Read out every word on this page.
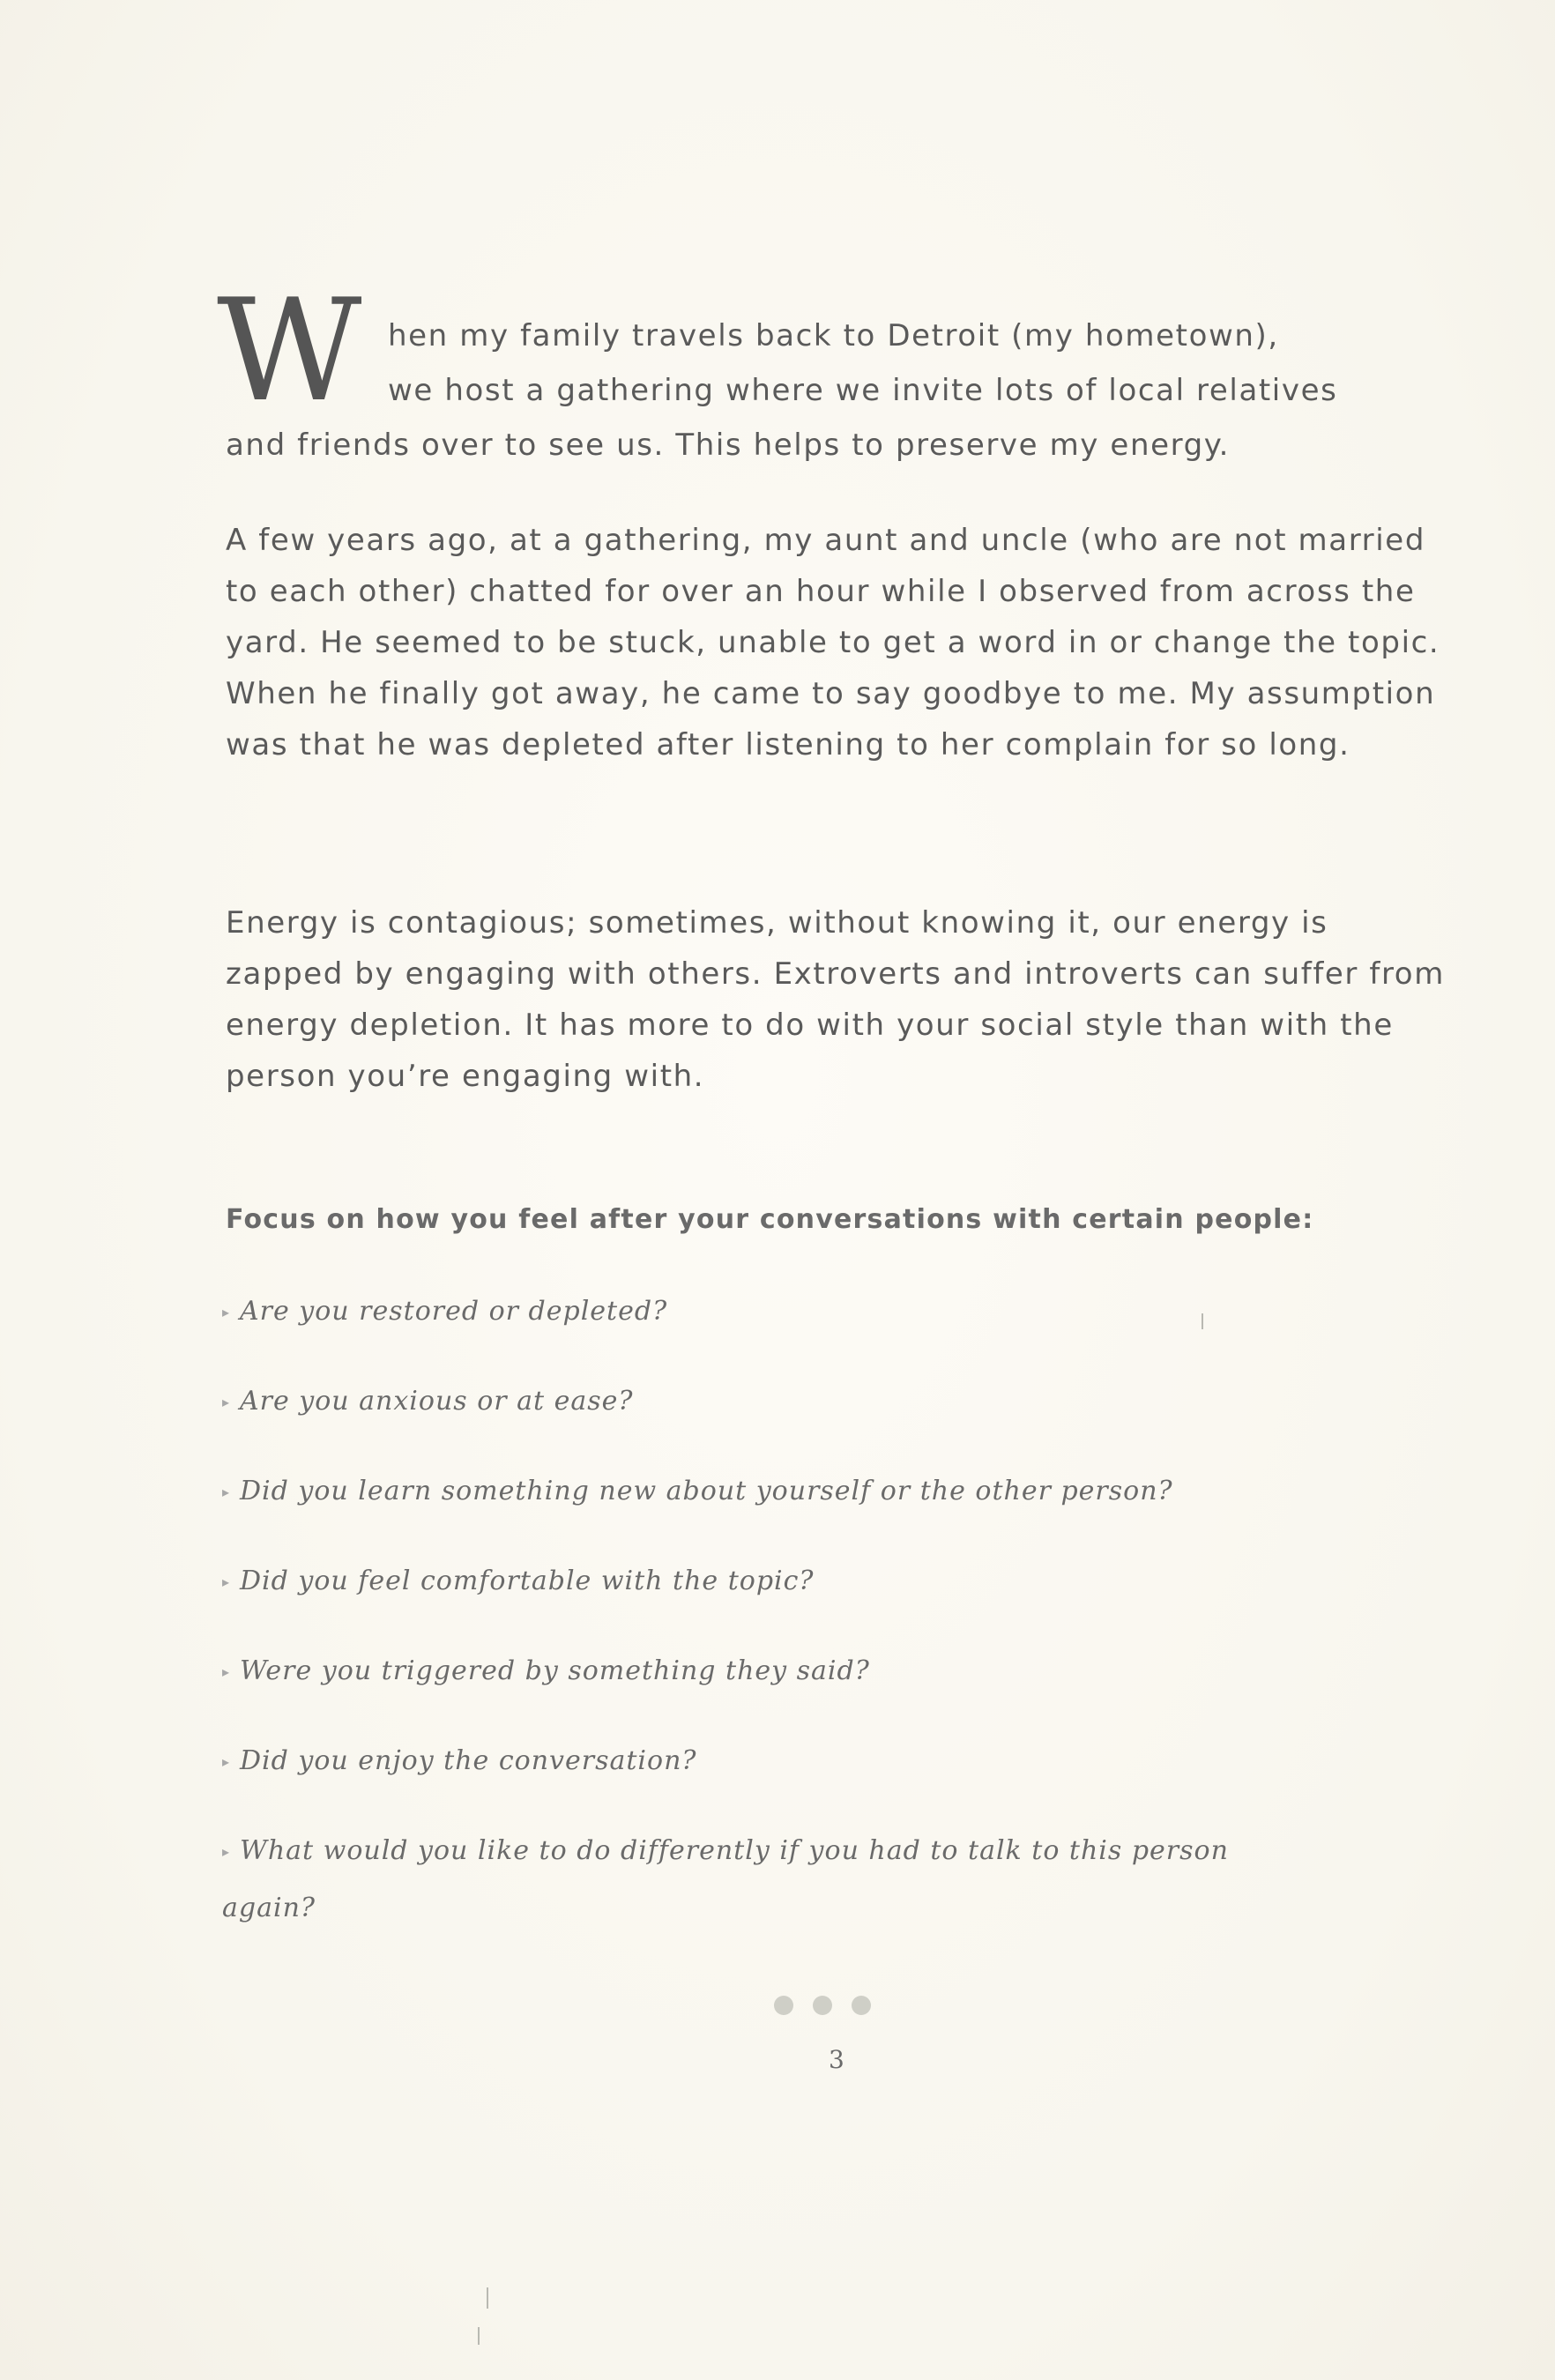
W hen my family travels back to Detroit (my hometown),
we host a gathering where we invite lots of local relatives

and friends over to see us. This helps to preserve my energy.

A few years ago, at a gathering, my aunt and uncle (who are not married to each other) chatted for over an hour while I observed from across the yard. He seemed to be stuck, unable to get a word in or change the topic. When he finally got away, he came to say goodbye to me. My assumption was that he was depleted after listening to her complain for so long.

Energy is contagious; sometimes, without knowing it, our energy is zapped by engaging with others. Extroverts and introverts can suffer from energy depletion. It has more to do with your social style than with the person you’re engaging with.

Focus on how you feel after your conversations with certain people:
▸ Are you restored or depleted?
▸ Are you anxious or at ease?
▸ Did you learn something new about yourself or the other person?
▸ Did you feel comfortable with the topic?
▸ Were you triggered by something they said?
▸ Did you enjoy the conversation?
▸ What would you like to do differently if you had to talk to this person again?
3
